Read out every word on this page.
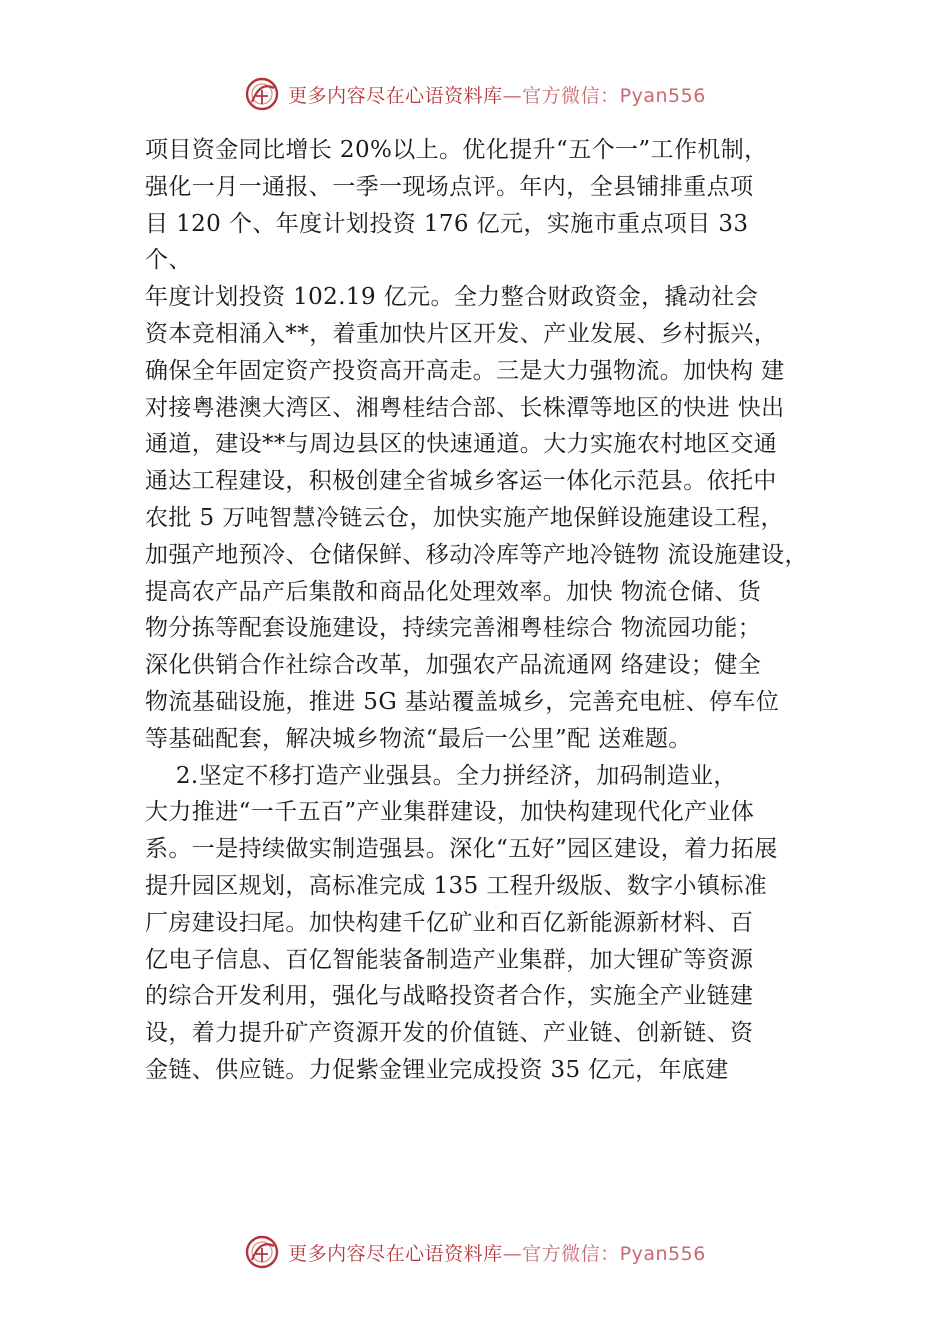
更多内容尽在心语资料库—官方微信：Pyan556
项目资金同比增长 20%以上。优化提升“五个一”工作机制，
强化一月一通报、一季一现场点评。年内，全县铺排重点项
目 120 个、年度计划投资 176 亿元，实施市重点项目 33
个、
年度计划投资 102.19 亿元。全力整合财政资金，撬动社会
资本竞相涌入**，着重加快片区开发、产业发展、乡村振兴，
确保全年固定资产投资高开高走。三是大力强物流。加快构 建
对接粤港澳大湾区、湘粤桂结合部、长株潭等地区的快进 快出
通道，建设**与周边县区的快速通道。大力实施农村地区交通
通达工程建设，积极创建全省城乡客运一体化示范县。依托中
农批 5 万吨智慧冷链云仓，加快实施产地保鲜设施建设工程，
加强产地预冷、仓储保鲜、移动冷库等产地冷链物 流设施建设，
提高农产品产后集散和商品化处理效率。加快 物流仓储、货
物分拣等配套设施建设，持续完善湘粤桂综合 物流园功能；
深化供销合作社综合改革，加强农产品流通网 络建设；健全
物流基础设施，推进 5G 基站覆盖城乡，完善充电桩、停车位
等基础配套，解决城乡物流“最后一公里”配 送难题。
2.坚定不移打造产业强县。全力拼经济，加码制造业，
大力推进“一千五百”产业集群建设，加快构建现代化产业体
系。一是持续做实制造强县。深化“五好”园区建设，着力拓展
提升园区规划，高标准完成 135 工程升级版、数字小镇标准
厂房建设扫尾。加快构建千亿矿业和百亿新能源新材料、百
亿电子信息、百亿智能装备制造产业集群，加大锂矿等资源
的综合开发利用，强化与战略投资者合作，实施全产业链建
设，着力提升矿产资源开发的价值链、产业链、创新链、资
金链、供应链。力促紫金锂业完成投资 35 亿元，年底建
更多内容尽在心语资料库—官方微信：Pyan556
